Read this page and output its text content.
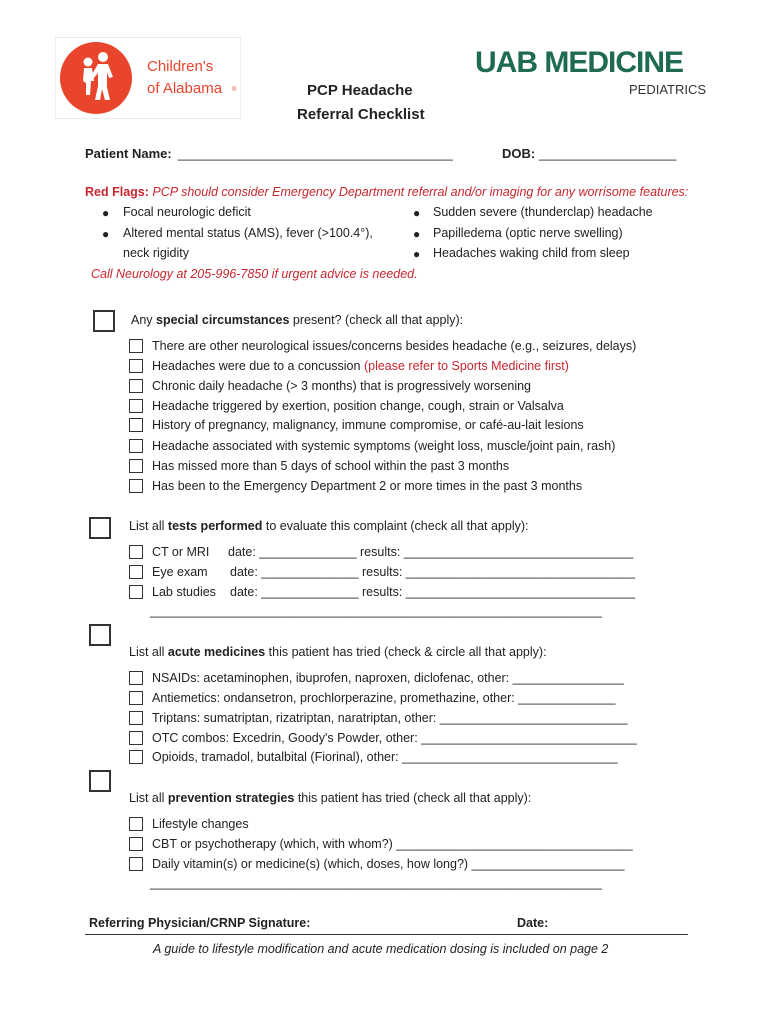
Children's
of Alabama ®
UAB MEDICINE
PEDIATRICS
PCP Headache
Referral Checklist
Patient Name: ______________________________________	DOB: ___________________
Red Flags: PCP should consider Emergency Department referral and/or imaging for any worrisome features:
● Focal neurologic deficit
● Altered mental status (AMS), fever (>100.4°),
neck rigidity
● Sudden severe (thunderclap) headache
● Papilledema (optic nerve swelling)
● Headaches waking child from sleep
Call Neurology at 205-996-7850 if urgent advice is needed.
Any special circumstances present? (check all that apply):
There are other neurological issues/concerns besides headache (e.g., seizures, delays)
Headaches were due to a concussion (please refer to Sports Medicine first)
Chronic daily headache (> 3 months) that is progressively worsening
Headache triggered by exertion, position change, cough, strain or Valsalva
History of pregnancy, malignancy, immune compromise, or café-au-lait lesions
Headache associated with systemic symptoms (weight loss, muscle/joint pain, rash)
Has missed more than 5 days of school within the past 3 months
Has been to the Emergency Department 2 or more times in the past 3 months
List all tests performed to evaluate this complaint (check all that apply):
CT or MRI date: ______________ results: _________________________________
Eye exam date: ______________ results: _________________________________
Lab studies date: ______________ results: _________________________________
_________________________________________________________________
List all acute medicines this patient has tried (check & circle all that apply):
NSAIDs: acetaminophen, ibuprofen, naproxen, diclofenac, other: ________________
Antiemetics: ondansetron, prochlorperazine, promethazine, other: ______________
Triptans: sumatriptan, rizatriptan, naratriptan, other: ___________________________
OTC combos: Excedrin, Goody's Powder, other: _______________________________
Opioids, tramadol, butalbital (Fiorinal), other: _______________________________
List all prevention strategies this patient has tried (check all that apply):
Lifestyle changes
CBT or psychotherapy (which, with whom?) __________________________________
Daily vitamin(s) or medicine(s) (which, doses, how long?) ______________________
_________________________________________________________________
Referring Physician/CRNP Signature:	Date:
A guide to lifestyle modification and acute medication dosing is included on page 2
